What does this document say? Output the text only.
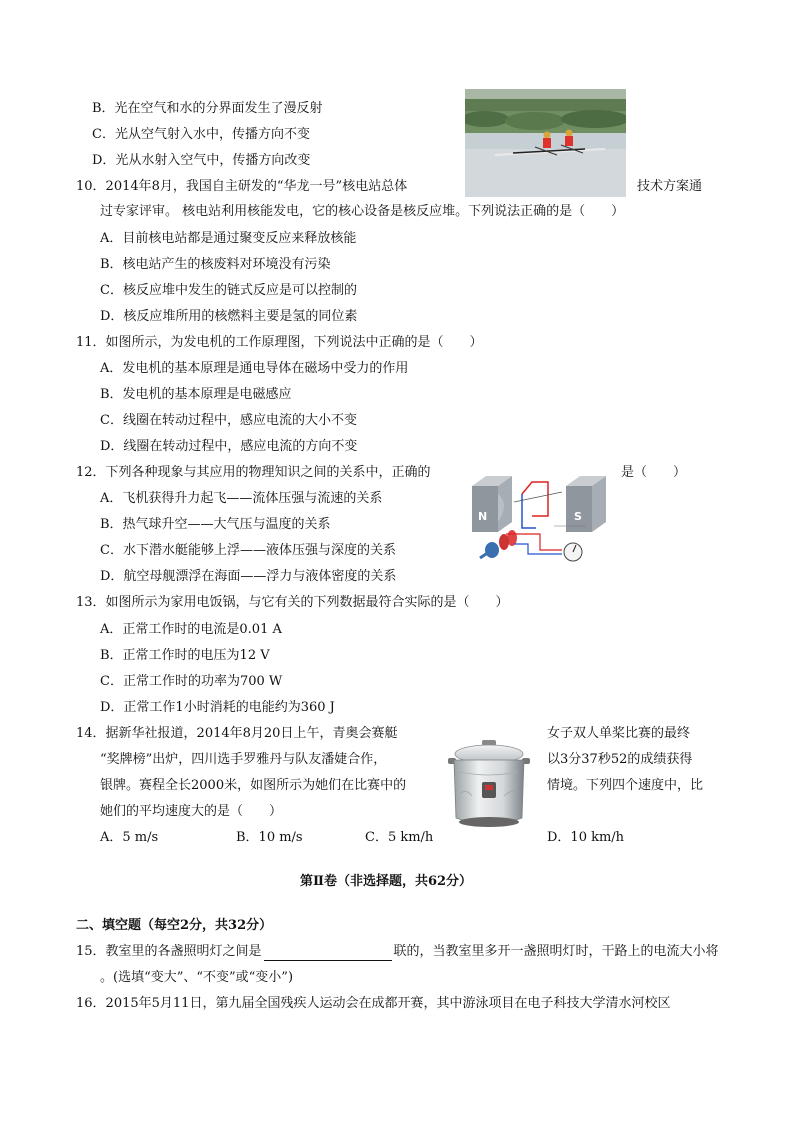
B．光在空气和水的分界面发生了漫反射
C．光从空气射入水中，传播方向不变
D．光从水射入空气中，传播方向改变
10．2014年8月，我国自主研发的“华龙一号”核电站总体	技术方案通
过专家评审。 核电站利用核能发电，它的核心设备是核反应堆。下列说法正确的是（　　）
A．目前核电站都是通过聚变反应来释放核能
B．核电站产生的核废料对环境没有污染
C．核反应堆中发生的链式反应是可以控制的
D．核反应堆所用的核燃料主要是氢的同位素
11．如图所示，为发电机的工作原理图，下列说法中正确的是（　　）
A．发电机的基本原理是通电导体在磁场中受力的作用
B．发电机的基本原理是电磁感应
C．线圈在转动过程中，感应电流的大小不变
D．线圈在转动过程中，感应电流的方向不变
N	S
12．下列各种现象与其应用的物理知识之间的关系中，正确的	是（　　）
A．飞机获得升力起飞——流体压强与流速的关系
B．热气球升空——大气压与温度的关系
C．水下潜水艇能够上浮——液体压强与深度的关系
D．航空母舰漂浮在海面——浮力与液体密度的关系
13．如图所示为家用电饭锅，与它有关的下列数据最符合实际的是（　　）
A．正常工作时的电流是0.01 A
B．正常工作时的电压为12 V
C．正常工作时的功率为700 W
D．正常工作1小时消耗的电能约为360 J
14．据新华社报道，2014年8月20日上午，青奥会赛艇	女子双人单桨比赛的最终
“奖牌榜”出炉，四川选手罗雅丹与队友潘婕合作，	以3分37秒52的成绩获得
银牌。赛程全长2000米，如图所示为她们在比赛中的	情境。下列四个速度中，比
她们的平均速度大的是（　　）
A．5 m/s	B．10 m/s	C．5 km/h	D．10 km/h
第Ⅱ卷（非选择题，共62分）
二、填空题（每空2分，共32分）
15．教室里的各盏照明灯之间是	联的，当教室里多开一盏照明灯时，干路上的电流大小将
。(选填“变大”、“不变”或“变小”)
16．2015年5月11日，第九届全国残疾人运动会在成都开赛，其中游泳项目在电子科技大学清水河校区
